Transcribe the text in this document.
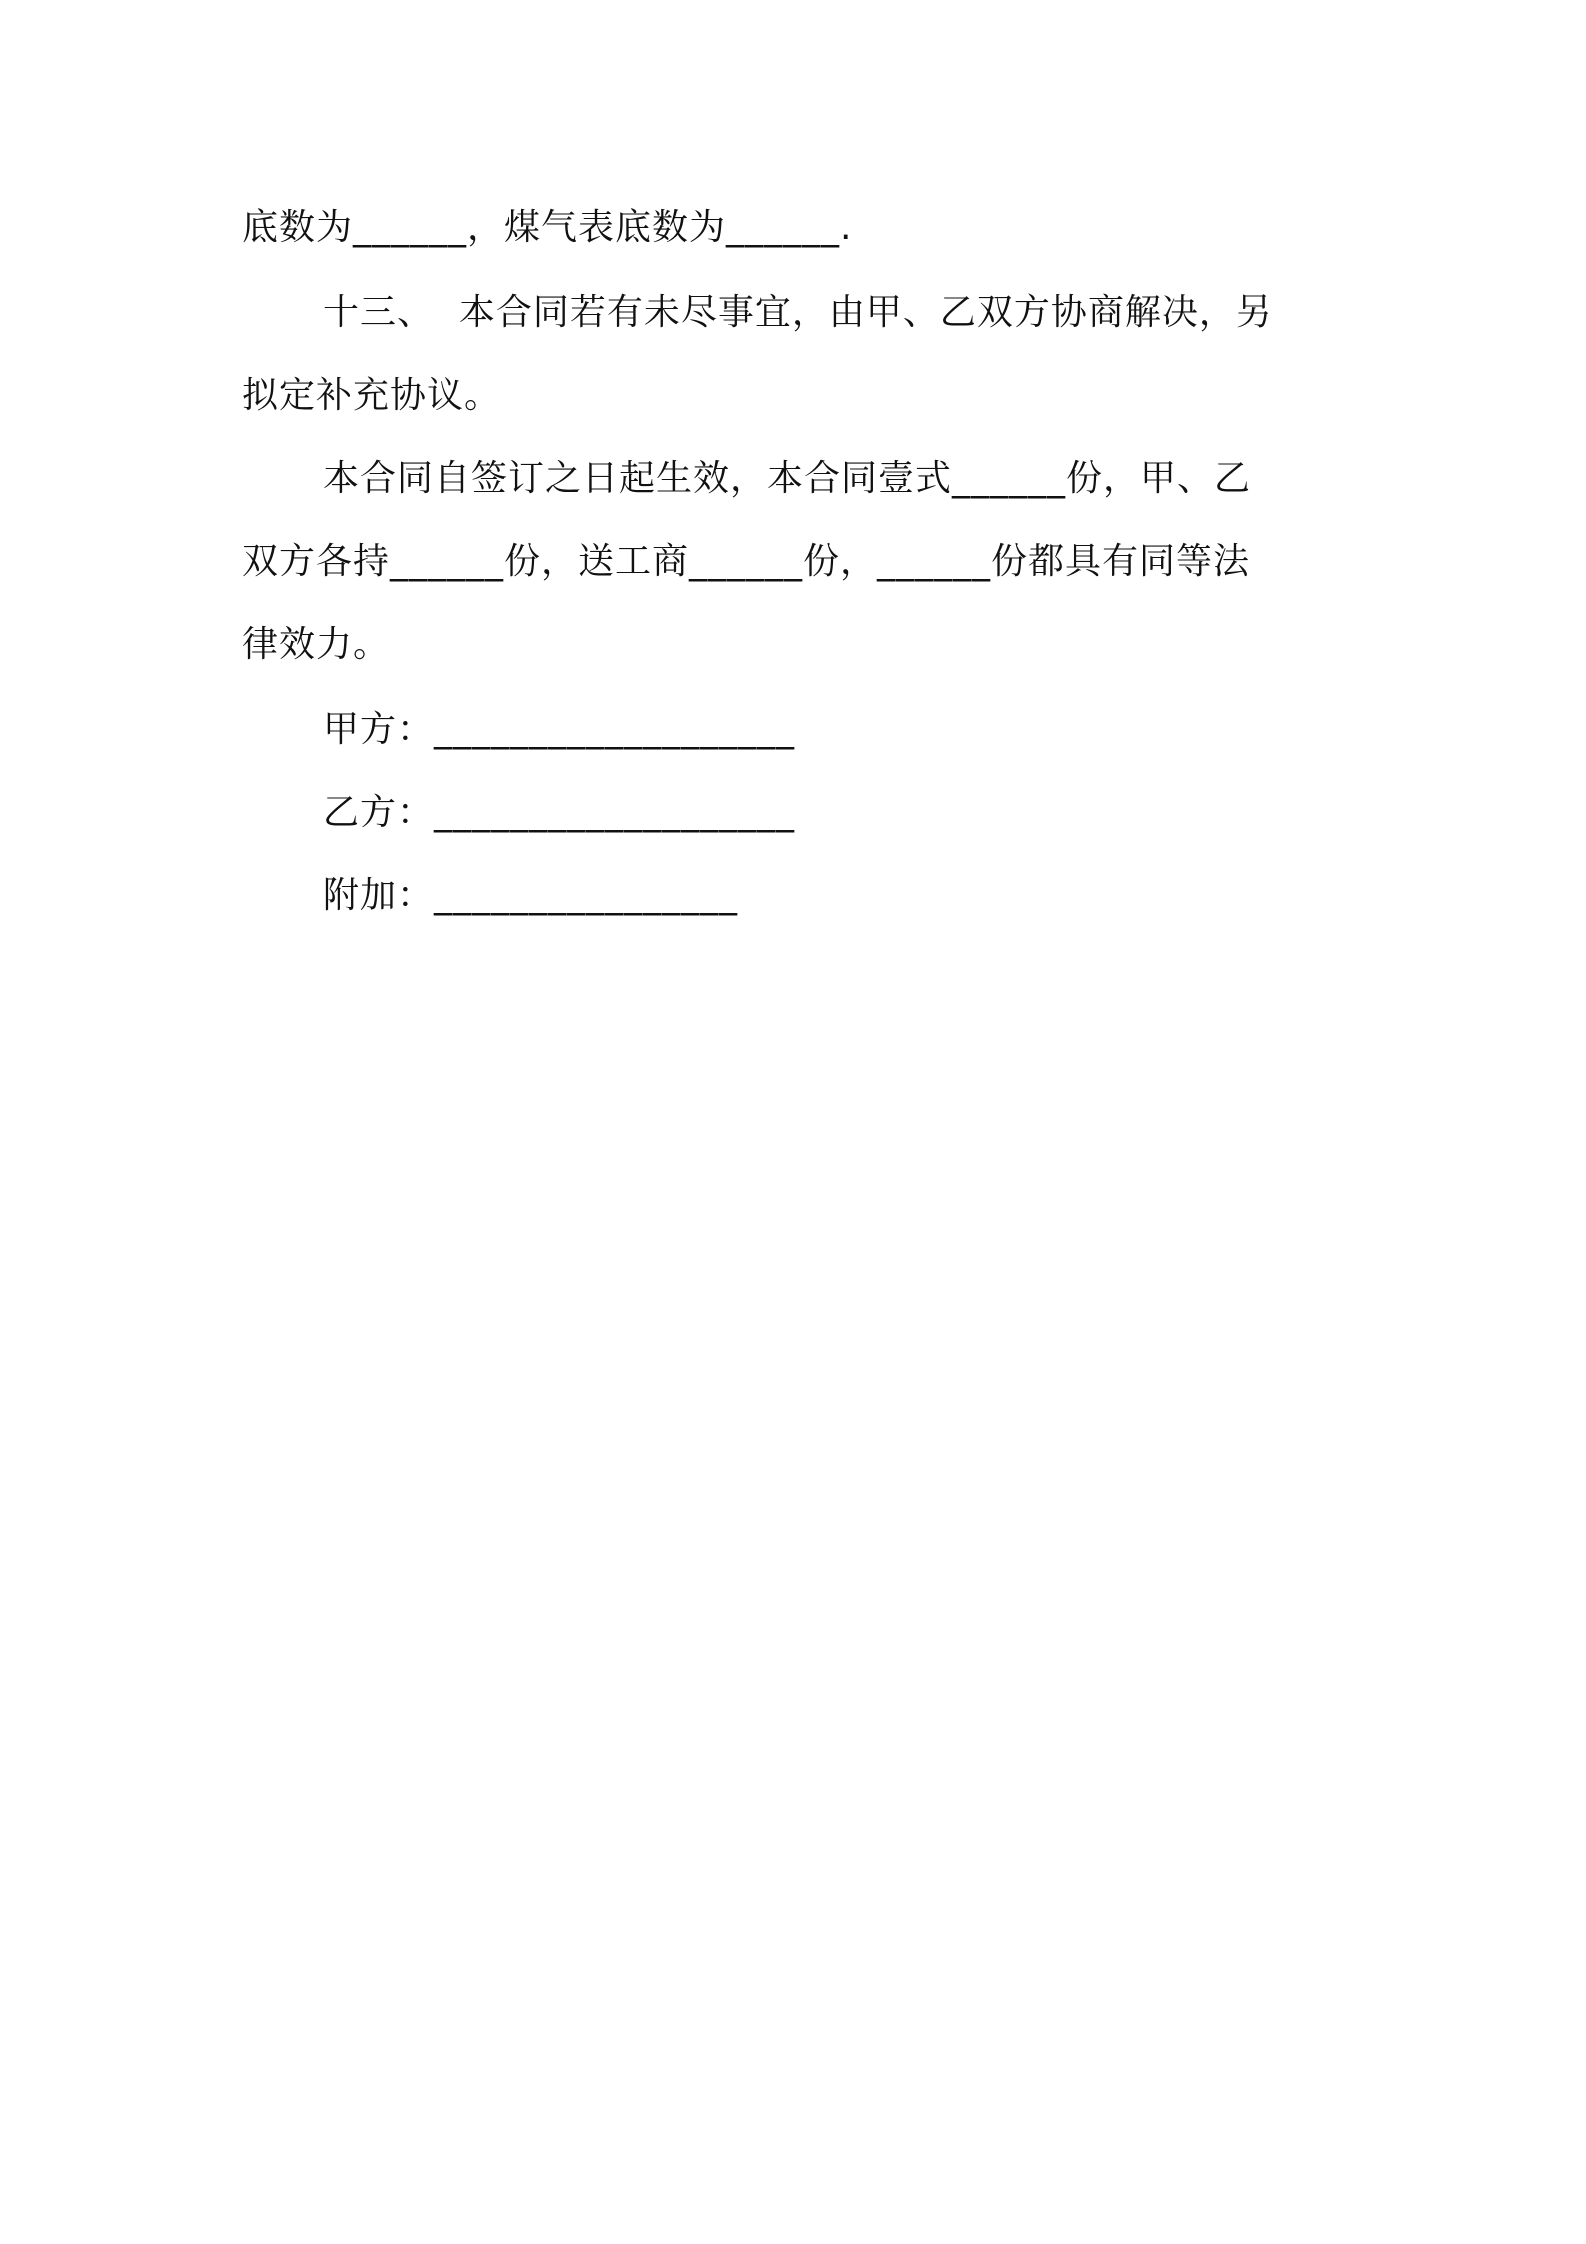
底数为______，煤气表底数为______.
十三、  本合同若有未尽事宜，由甲、乙双方协商解决，另
拟定补充协议。
本合同自签订之日起生效，本合同壹式______份，甲、乙
双方各持______份，送工商______份，______份都具有同等法
律效力。
甲方：___________________
乙方：___________________
附加：________________
